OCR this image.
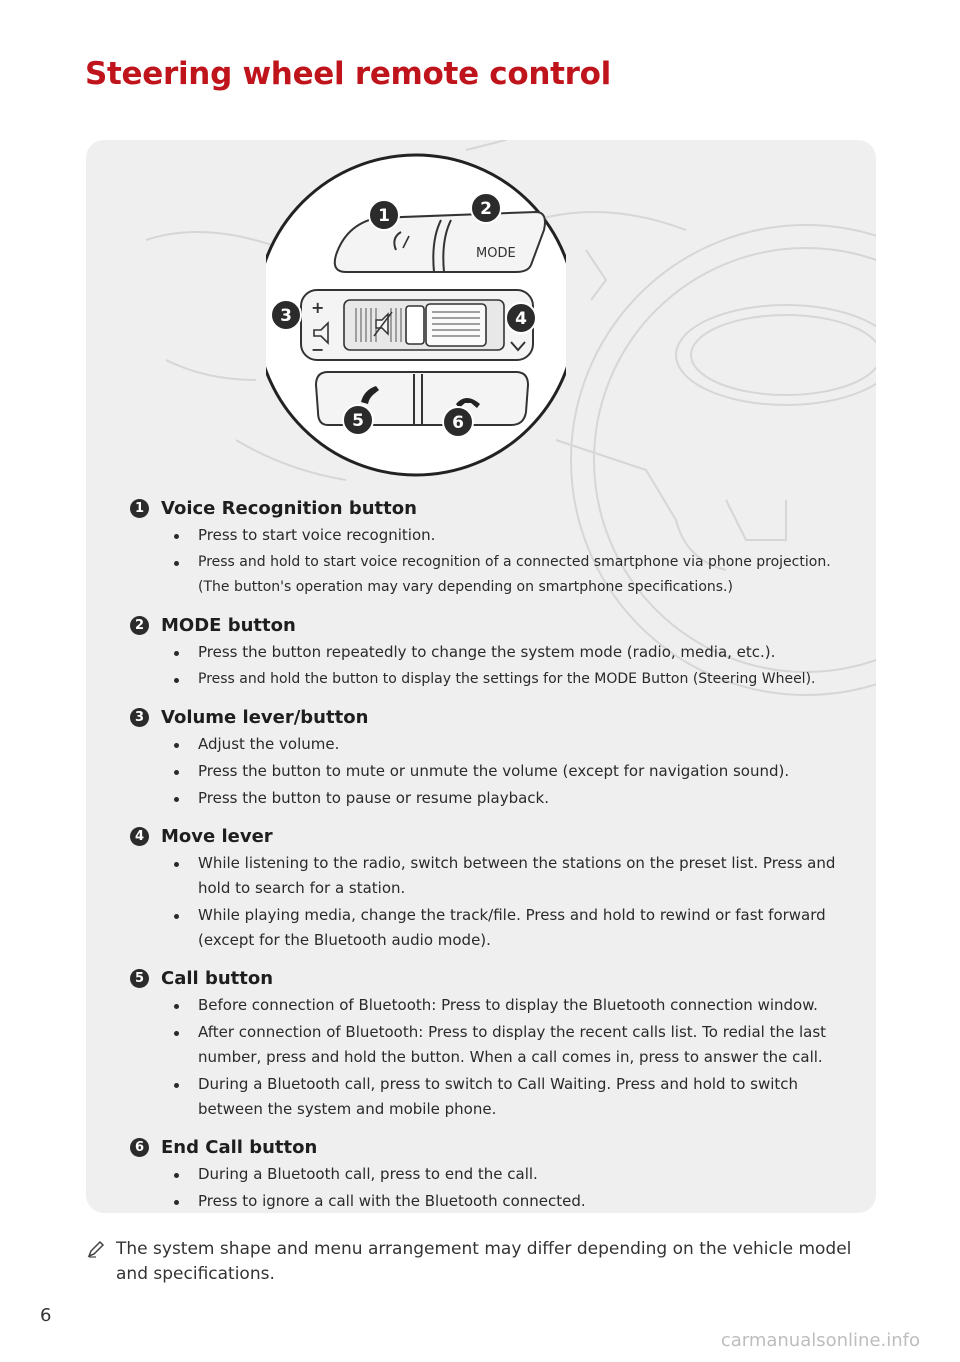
Steering wheel remote control
MODE
+
−
1	2
3	4
5	6
1 Voice Recognition button
Press to start voice recognition.
Press and hold to start voice recognition of a connected smartphone via phone projection. (The button's operation may vary depending on smartphone specifications.)
2 MODE button
Press the button repeatedly to change the system mode (radio, media, etc.).
Press and hold the button to display the settings for the MODE Button (Steering Wheel).
3 Volume lever/button
Adjust the volume.
Press the button to mute or unmute the volume (except for navigation sound).
Press the button to pause or resume playback.
4 Move lever
While listening to the radio, switch between the stations on the preset list. Press and hold to search for a station.
While playing media, change the track/file. Press and hold to rewind or fast forward (except for the Bluetooth audio mode).
5 Call button
Before connection of Bluetooth: Press to display the Bluetooth connection window.
After connection of Bluetooth: Press to display the recent calls list. To redial the last number, press and hold the button. When a call comes in, press to answer the call.
During a Bluetooth call, press to switch to Call Waiting. Press and hold to switch between the system and mobile phone.
6 End Call button
During a Bluetooth call, press to end the call.
Press to ignore a call with the Bluetooth connected.
The system shape and menu arrangement may differ depending on the vehicle model and specifications.
6
carmanualsonline.info
